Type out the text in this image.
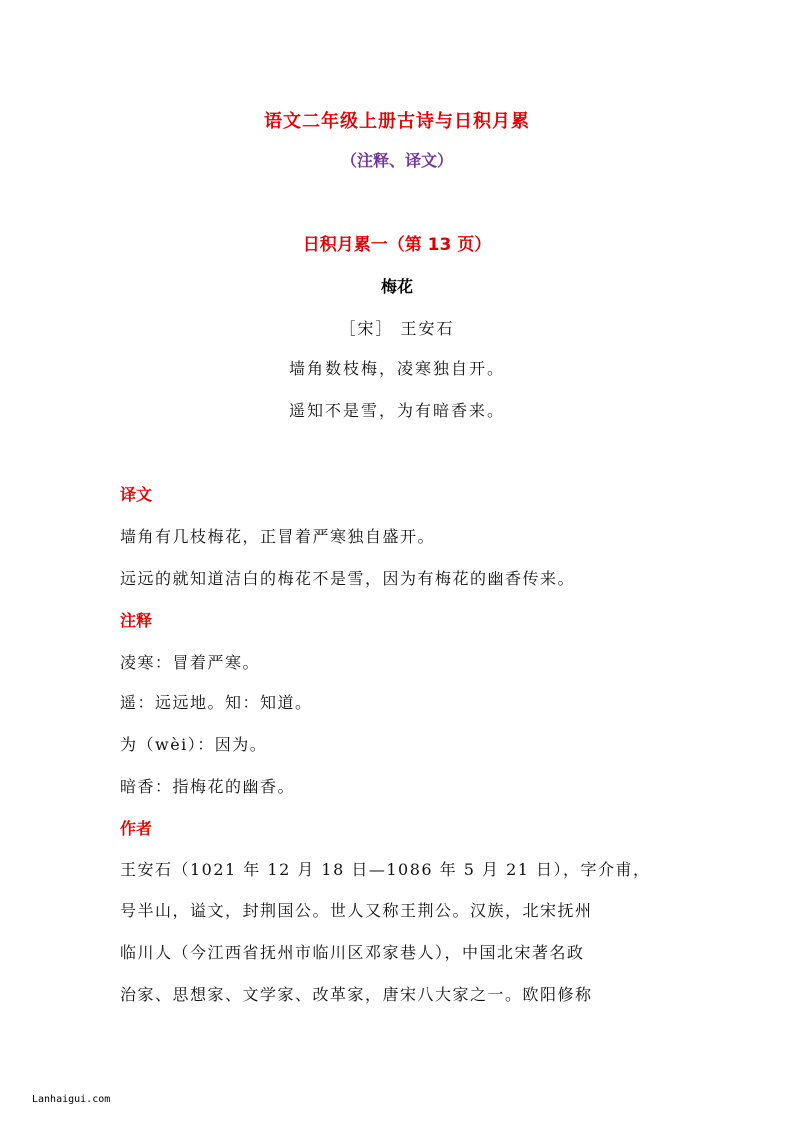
语文二年级上册古诗与日积月累
（注释、译文）
日积月累一（第 13 页）
梅花
［宋］ 王安石
墙角数枝梅，凌寒独自开。
遥知不是雪，为有暗香来。
译文
墙角有几枝梅花，正冒着严寒独自盛开。
远远的就知道洁白的梅花不是雪，因为有梅花的幽香传来。
注释
凌寒：冒着严寒。
遥：远远地。知：知道。
为（wèi）：因为。
暗香：指梅花的幽香。
作者
王安石（1021 年 12 月 18 日—1086 年 5 月 21 日），字介甫，
号半山，谥文，封荆国公。世人又称王荆公。汉族，北宋抚州
临川人（今江西省抚州市临川区邓家巷人），中国北宋著名政
治家、思想家、文学家、改革家，唐宋八大家之一。欧阳修称
Lanhaigui.com
